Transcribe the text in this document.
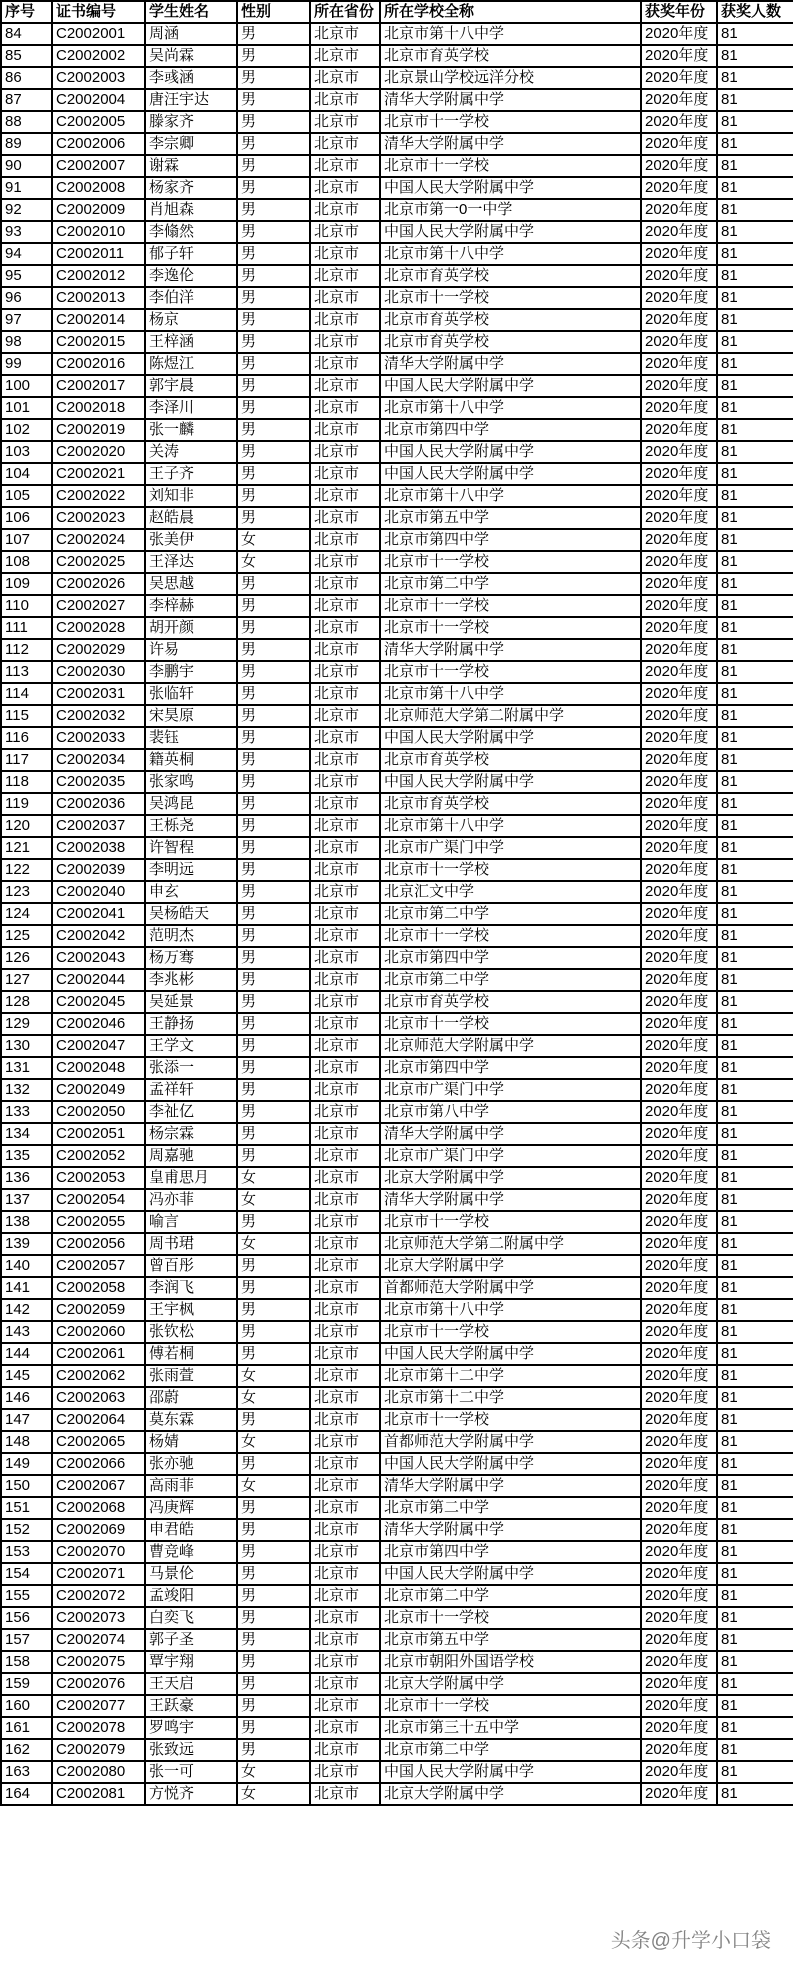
序号	证书编号	学生姓名	性别	所在省份	所在学校全称	获奖年份	获奖人数
84	C2002001	周涵	男	北京市	北京市第十八中学	2020年度	81
85	C2002002	吴尚霖	男	北京市	北京市育英学校	2020年度	81
86	C2002003	李彧涵	男	北京市	北京景山学校远洋分校	2020年度	81
87	C2002004	唐汪宇达	男	北京市	清华大学附属中学	2020年度	81
88	C2002005	滕家齐	男	北京市	北京市十一学校	2020年度	81
89	C2002006	李宗卿	男	北京市	清华大学附属中学	2020年度	81
90	C2002007	谢霖	男	北京市	北京市十一学校	2020年度	81
91	C2002008	杨家齐	男	北京市	中国人民大学附属中学	2020年度	81
92	C2002009	肖旭森	男	北京市	北京市第一0一中学	2020年度	81
93	C2002010	李翛然	男	北京市	中国人民大学附属中学	2020年度	81
94	C2002011	郁子轩	男	北京市	北京市第十八中学	2020年度	81
95	C2002012	李逸伦	男	北京市	北京市育英学校	2020年度	81
96	C2002013	李伯洋	男	北京市	北京市十一学校	2020年度	81
97	C2002014	杨京	男	北京市	北京市育英学校	2020年度	81
98	C2002015	王梓涵	男	北京市	北京市育英学校	2020年度	81
99	C2002016	陈煜江	男	北京市	清华大学附属中学	2020年度	81
100	C2002017	郭宇晨	男	北京市	中国人民大学附属中学	2020年度	81
101	C2002018	李泽川	男	北京市	北京市第十八中学	2020年度	81
102	C2002019	张一麟	男	北京市	北京市第四中学	2020年度	81
103	C2002020	关涛	男	北京市	中国人民大学附属中学	2020年度	81
104	C2002021	王子齐	男	北京市	中国人民大学附属中学	2020年度	81
105	C2002022	刘知非	男	北京市	北京市第十八中学	2020年度	81
106	C2002023	赵皓晨	男	北京市	北京市第五中学	2020年度	81
107	C2002024	张美伊	女	北京市	北京市第四中学	2020年度	81
108	C2002025	王泽达	女	北京市	北京市十一学校	2020年度	81
109	C2002026	吴思越	男	北京市	北京市第二中学	2020年度	81
110	C2002027	李梓赫	男	北京市	北京市十一学校	2020年度	81
111	C2002028	胡开颜	男	北京市	北京市十一学校	2020年度	81
112	C2002029	许易	男	北京市	清华大学附属中学	2020年度	81
113	C2002030	李鹏宇	男	北京市	北京市十一学校	2020年度	81
114	C2002031	张临轩	男	北京市	北京市第十八中学	2020年度	81
115	C2002032	宋昊原	男	北京市	北京师范大学第二附属中学	2020年度	81
116	C2002033	裴钰	男	北京市	中国人民大学附属中学	2020年度	81
117	C2002034	籍英桐	男	北京市	北京市育英学校	2020年度	81
118	C2002035	张家鸣	男	北京市	中国人民大学附属中学	2020年度	81
119	C2002036	吴鸿昆	男	北京市	北京市育英学校	2020年度	81
120	C2002037	王栎尧	男	北京市	北京市第十八中学	2020年度	81
121	C2002038	许智程	男	北京市	北京市广渠门中学	2020年度	81
122	C2002039	李明远	男	北京市	北京市十一学校	2020年度	81
123	C2002040	申玄	男	北京市	北京汇文中学	2020年度	81
124	C2002041	吴杨皓天	男	北京市	北京市第二中学	2020年度	81
125	C2002042	范明杰	男	北京市	北京市十一学校	2020年度	81
126	C2002043	杨万骞	男	北京市	北京市第四中学	2020年度	81
127	C2002044	李兆彬	男	北京市	北京市第二中学	2020年度	81
128	C2002045	吴延景	男	北京市	北京市育英学校	2020年度	81
129	C2002046	王静扬	男	北京市	北京市十一学校	2020年度	81
130	C2002047	王学文	男	北京市	北京师范大学附属中学	2020年度	81
131	C2002048	张添一	男	北京市	北京市第四中学	2020年度	81
132	C2002049	孟祥轩	男	北京市	北京市广渠门中学	2020年度	81
133	C2002050	李祉亿	男	北京市	北京市第八中学	2020年度	81
134	C2002051	杨宗霖	男	北京市	清华大学附属中学	2020年度	81
135	C2002052	周嘉驰	男	北京市	北京市广渠门中学	2020年度	81
136	C2002053	皇甫思月	女	北京市	北京大学附属中学	2020年度	81
137	C2002054	冯亦菲	女	北京市	清华大学附属中学	2020年度	81
138	C2002055	喻言	男	北京市	北京市十一学校	2020年度	81
139	C2002056	周书珺	女	北京市	北京师范大学第二附属中学	2020年度	81
140	C2002057	曾百彤	男	北京市	北京大学附属中学	2020年度	81
141	C2002058	李润飞	男	北京市	首都师范大学附属中学	2020年度	81
142	C2002059	王宇枫	男	北京市	北京市第十八中学	2020年度	81
143	C2002060	张钦松	男	北京市	北京市十一学校	2020年度	81
144	C2002061	傅若桐	男	北京市	中国人民大学附属中学	2020年度	81
145	C2002062	张雨萱	女	北京市	北京市第十二中学	2020年度	81
146	C2002063	邵蔚	女	北京市	北京市第十二中学	2020年度	81
147	C2002064	莫东霖	男	北京市	北京市十一学校	2020年度	81
148	C2002065	杨婧	女	北京市	首都师范大学附属中学	2020年度	81
149	C2002066	张亦驰	男	北京市	中国人民大学附属中学	2020年度	81
150	C2002067	高雨菲	女	北京市	清华大学附属中学	2020年度	81
151	C2002068	冯庚辉	男	北京市	北京市第二中学	2020年度	81
152	C2002069	申君皓	男	北京市	清华大学附属中学	2020年度	81
153	C2002070	曹竞峰	男	北京市	北京市第四中学	2020年度	81
154	C2002071	马景伦	男	北京市	中国人民大学附属中学	2020年度	81
155	C2002072	孟竣阳	男	北京市	北京市第二中学	2020年度	81
156	C2002073	白奕飞	男	北京市	北京市十一学校	2020年度	81
157	C2002074	郭子圣	男	北京市	北京市第五中学	2020年度	81
158	C2002075	覃宇翔	男	北京市	北京市朝阳外国语学校	2020年度	81
159	C2002076	王天启	男	北京市	北京大学附属中学	2020年度	81
160	C2002077	王跃豪	男	北京市	北京市十一学校	2020年度	81
161	C2002078	罗鸣宇	男	北京市	北京市第三十五中学	2020年度	81
162	C2002079	张致远	男	北京市	北京市第二中学	2020年度	81
163	C2002080	张一可	女	北京市	中国人民大学附属中学	2020年度	81
164	C2002081	方悦齐	女	北京市	北京大学附属中学	2020年度	81
头条@升学小口袋
